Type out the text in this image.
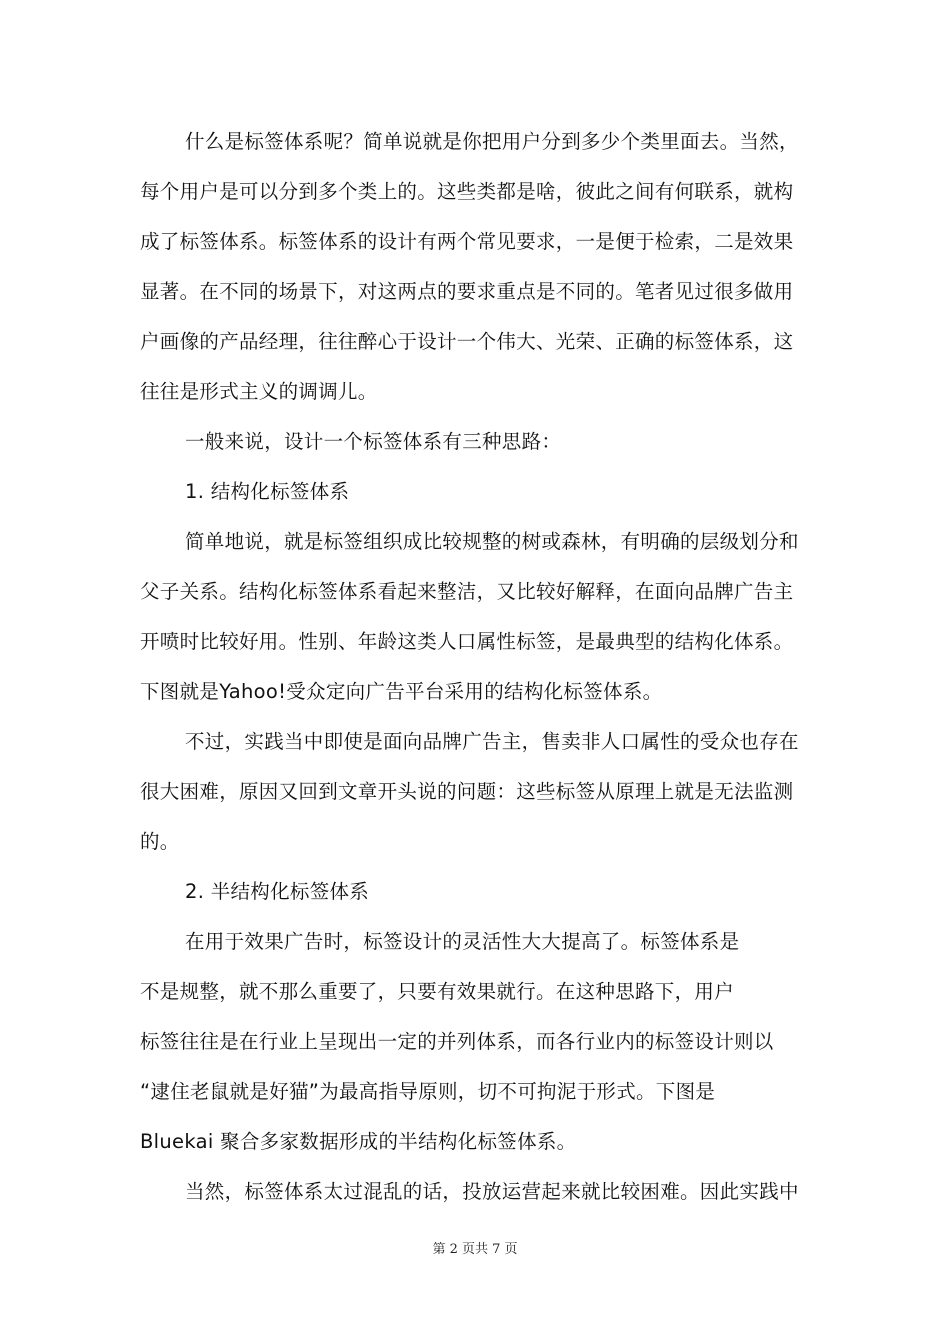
什么是标签体系呢？简单说就是你把用户分到多少个类里面去。当然，
每个用户是可以分到多个类上的。这些类都是啥，彼此之间有何联系，就构
成了标签体系。标签体系的设计有两个常见要求，一是便于检索，二是效果
显著。在不同的场景下，对这两点的要求重点是不同的。笔者见过很多做用
户画像的产品经理，往往醉心于设计一个伟大、光荣、正确的标签体系，这
往往是形式主义的调调儿。
一般来说，设计一个标签体系有三种思路：
1. 结构化标签体系
简单地说，就是标签组织成比较规整的树或森林，有明确的层级划分和
父子关系。结构化标签体系看起来整洁，又比较好解释，在面向品牌广告主
开喷时比较好用。性别、年龄这类人口属性标签，是最典型的结构化体系。
下图就是Yahoo!受众定向广告平台采用的结构化标签体系。
不过，实践当中即使是面向品牌广告主，售卖非人口属性的受众也存在
很大困难，原因又回到文章开头说的问题：这些标签从原理上就是无法监测
的。
2. 半结构化标签体系
在用于效果广告时，标签设计的灵活性大大提高了。标签体系是
不是规整，就不那么重要了，只要有效果就行。在这种思路下，用户
标签往往是在行业上呈现出一定的并列体系，而各行业内的标签设计则以
“逮住老鼠就是好猫”为最高指导原则，切不可拘泥于形式。下图是
Bluekai 聚合多家数据形成的半结构化标签体系。
当然，标签体系太过混乱的话，投放运营起来就比较困难。因此实践中
第 2 页共 7 页
